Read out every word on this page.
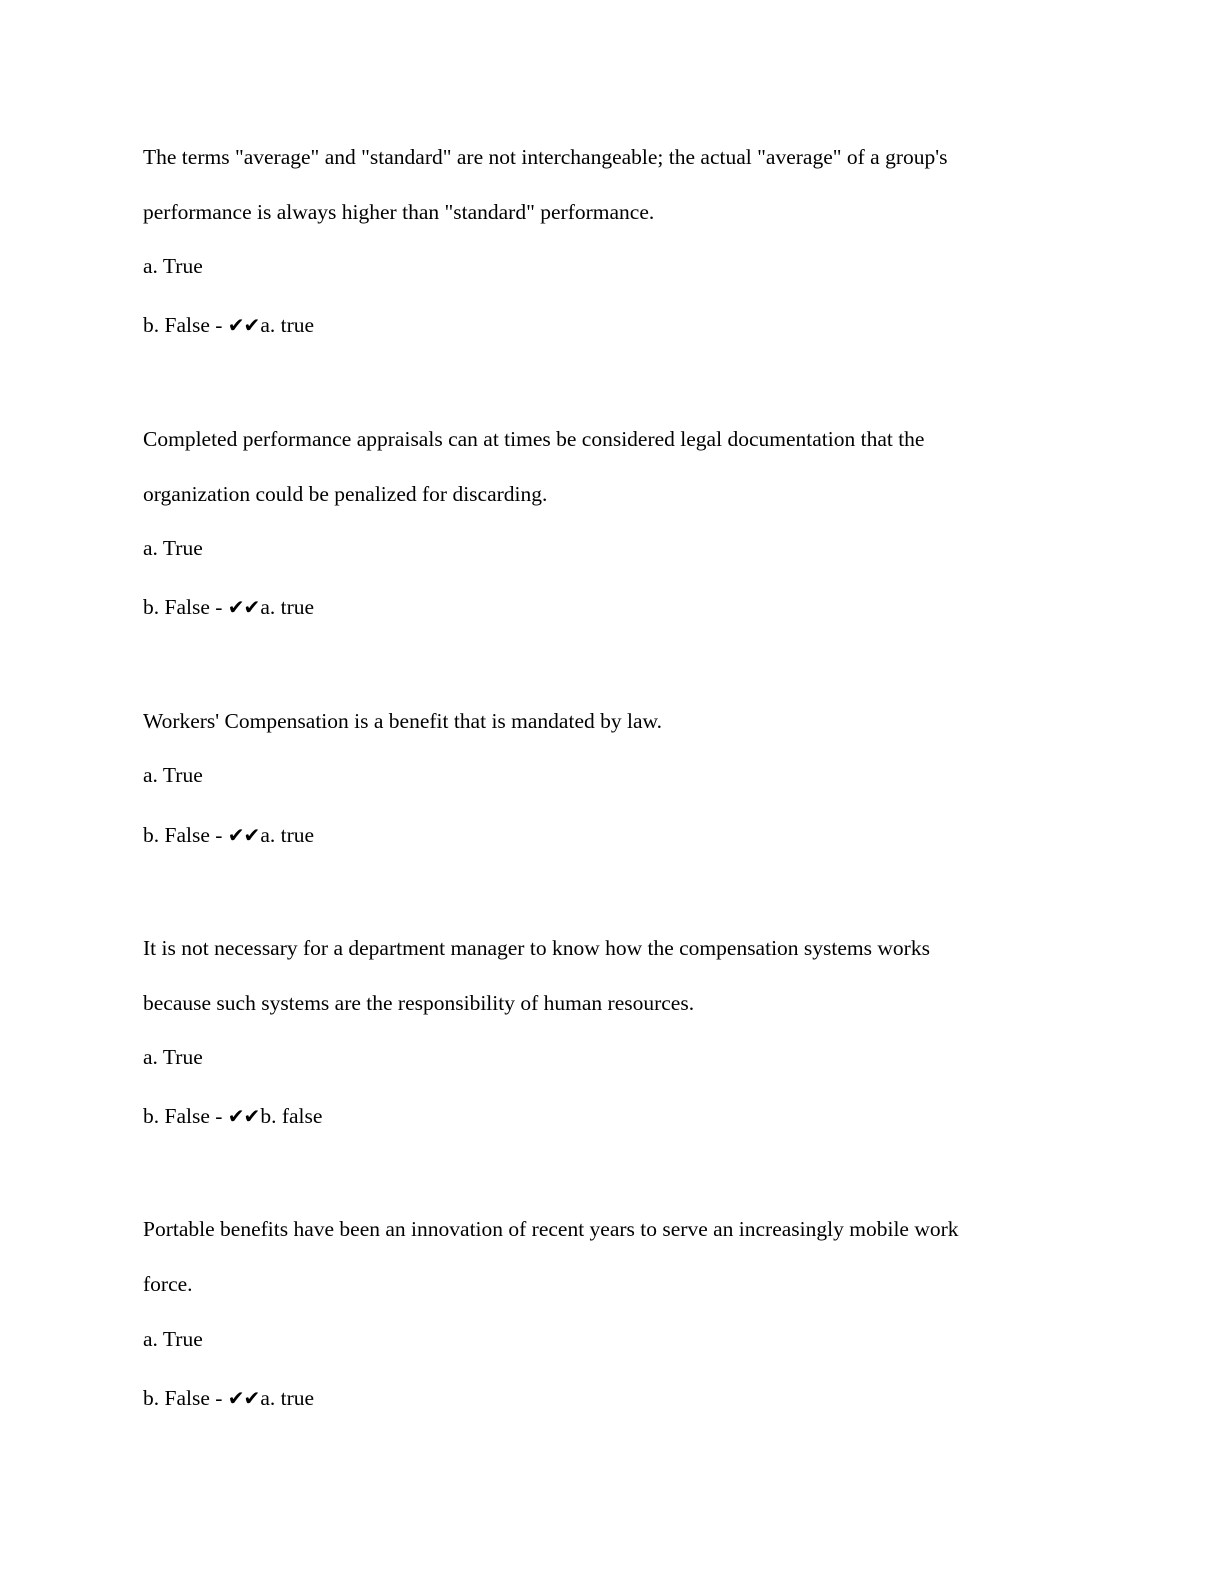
The terms "average" and "standard" are not interchangeable; the actual "average" of a group's
performance is always higher than "standard" performance.
a. True
b. False - ✔✔a. true
Completed performance appraisals can at times be considered legal documentation that the
organization could be penalized for discarding.
a. True
b. False - ✔✔a. true
Workers' Compensation is a benefit that is mandated by law.
a. True
b. False - ✔✔a. true
It is not necessary for a department manager to know how the compensation systems works
because such systems are the responsibility of human resources.
a. True
b. False - ✔✔b. false
Portable benefits have been an innovation of recent years to serve an increasingly mobile work
force.
a. True
b. False - ✔✔a. true
